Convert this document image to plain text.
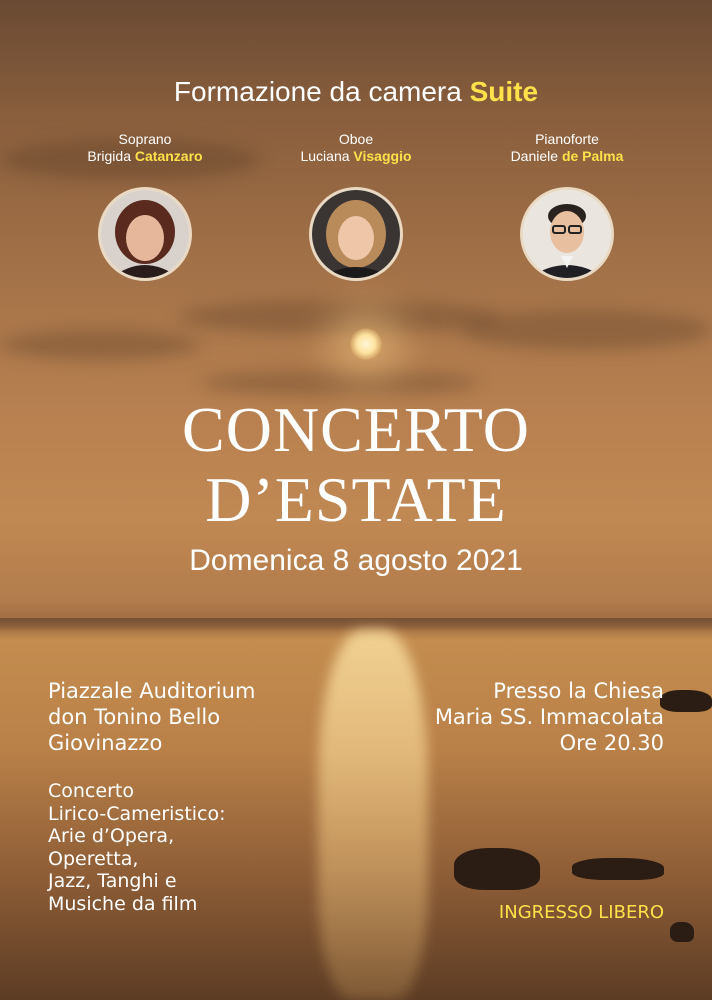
Formazione da camera Suite
Soprano
Brigida Catanzaro
Oboe
Luciana Visaggio
Pianoforte
Daniele de Palma
CONCERTO
D’ESTATE
Domenica 8 agosto 2021
Piazzale Auditorium
don Tonino Bello
Giovinazzo
Presso la Chiesa
Maria SS. Immacolata
Ore 20.30
Concerto
Lirico-Cameristico:
Arie d’Opera,
Operetta,
Jazz, Tanghi e
Musiche da film	INGRESSO LIBERO
